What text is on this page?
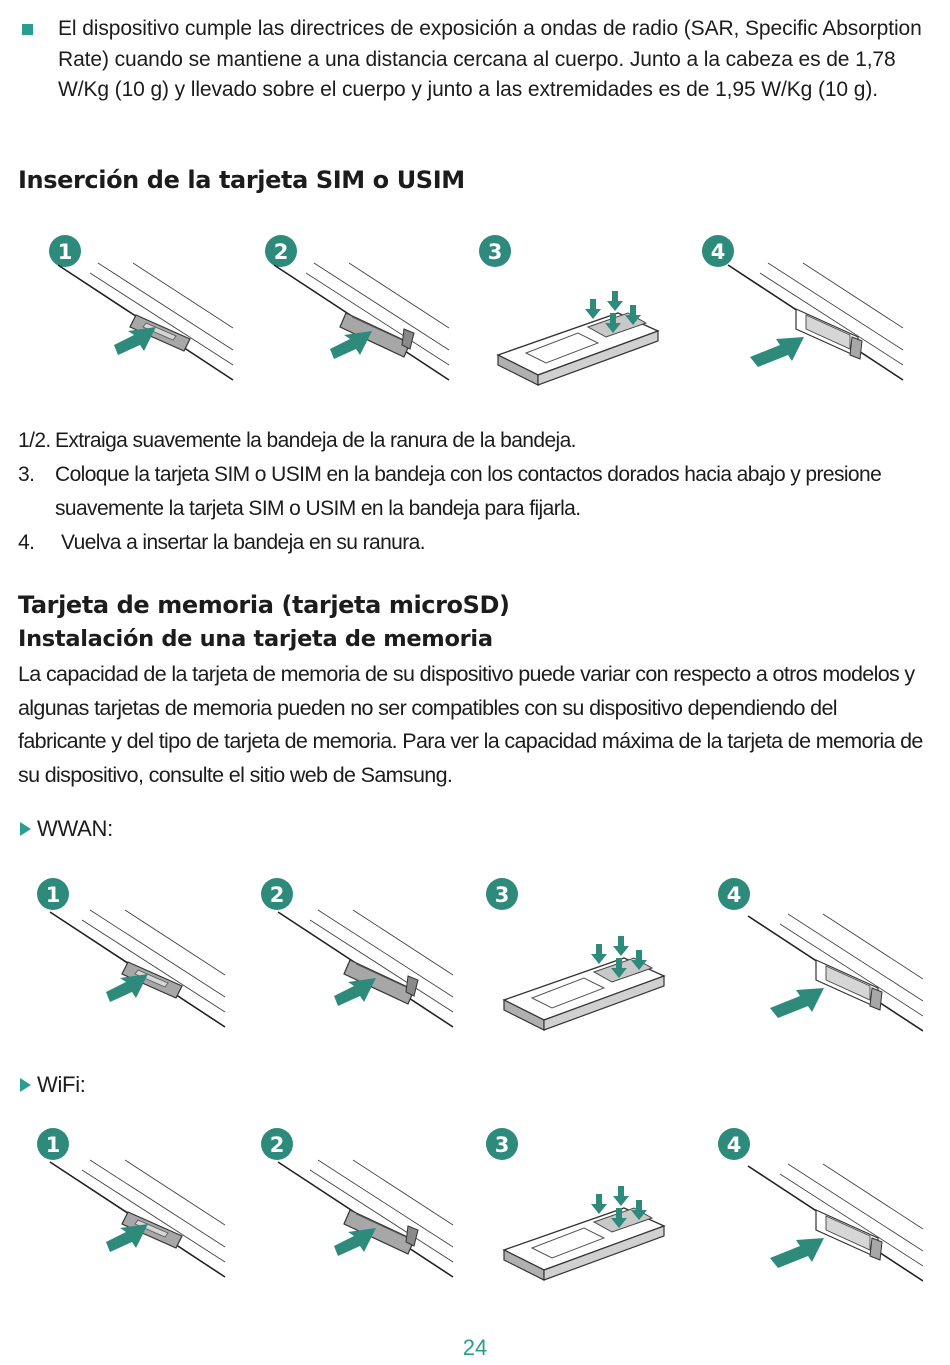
El dispositivo cumple las directrices de exposición a ondas de radio (SAR, Specific Absorption Rate) cuando se mantiene a una distancia cercana al cuerpo. Junto a la cabeza es de 1,78 W/Kg (10 g) y llevado sobre el cuerpo y junto a las extremidades es de 1,95 W/Kg (10 g).
Inserción de la tarjeta SIM o USIM
1	2	3	4
1/2. Extraiga suavemente la bandeja de la ranura de la bandeja.
3. Coloque la tarjeta SIM o USIM en la bandeja con los contactos dorados hacia abajo y presione suavemente la tarjeta SIM o USIM en la bandeja para fijarla.
4. Vuelva a insertar la bandeja en su ranura.
Tarjeta de memoria (tarjeta microSD)
Instalación de una tarjeta de memoria
La capacidad de la tarjeta de memoria de su dispositivo puede variar con respecto a otros modelos y algunas tarjetas de memoria pueden no ser compatibles con su dispositivo dependiendo del fabricante y del tipo de tarjeta de memoria. Para ver la capacidad máxima de la tarjeta de memoria de su dispositivo, consulte el sitio web de Samsung.
WWAN:
1	2	3	4
WiFi:
1	2	3	4
24
